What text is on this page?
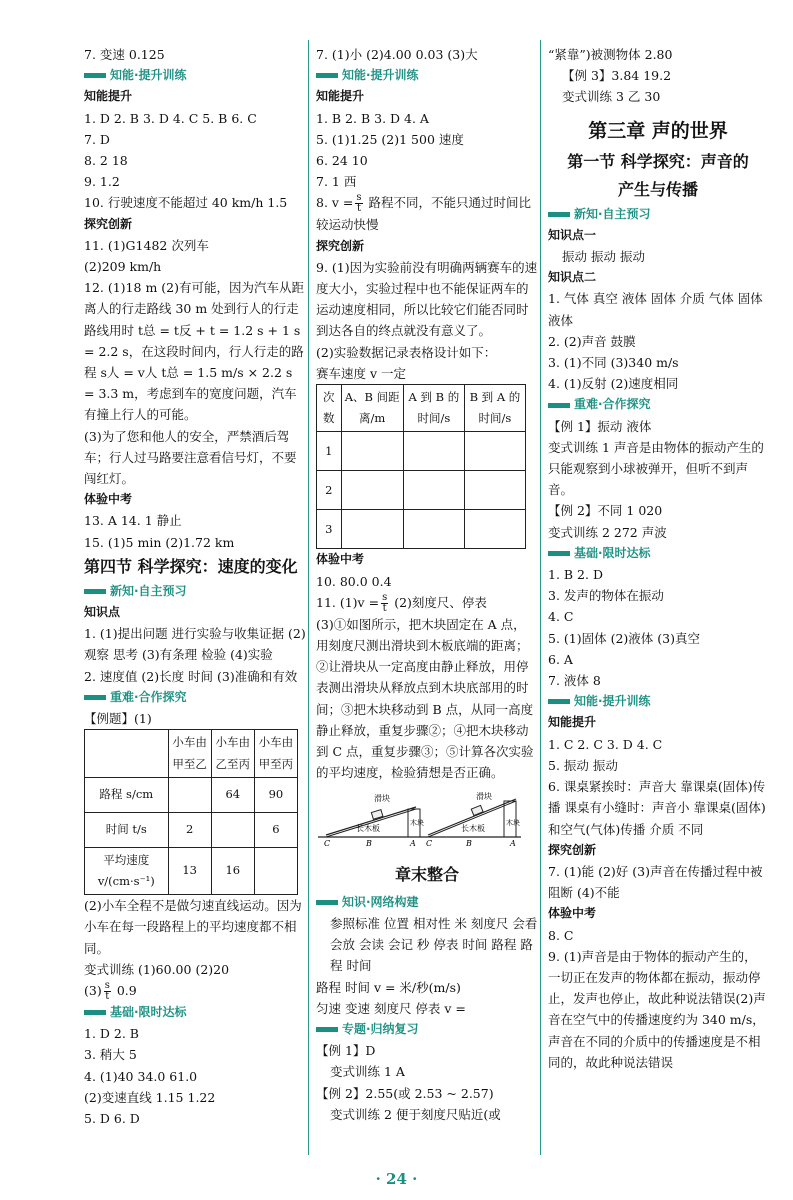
7. 变速 0.125
知能·提升训练
知能提升
1. D 2. B 3. D 4. C 5. B 6. C
7. D
8. 2 18
9. 1.2
10. 行驶速度不能超过 40 km/h 1.5
探究创新
11. (1)G1482 次列车
(2)209 km/h
12. (1)18 m (2)有可能，因为汽车从距离人的行走路线 30 m 处到行人的行走路线用时 t总 = t反 + t = 1.2 s + 1 s = 2.2 s，在这段时间内，行人行走的路程 s人 = v人 t总 = 1.5 m/s × 2.2 s = 3.3 m，考虑到车的宽度问题，汽车有撞上行人的可能。
(3)为了您和他人的安全，严禁酒后驾车；行人过马路要注意看信号灯，不要闯红灯。
体验中考
13. A 14. 1 静止
15. (1)5 min (2)1.72 km
第四节 科学探究：速度的变化
新知·自主预习
知识点
1. (1)提出问题 进行实验与收集证据 (2)观察 思考 (3)有条理 检验 (4)实验
2. 速度值 (2)长度 时间 (3)准确和有效
重难·合作探究
【例题】(1)
	小车由甲至乙	小车由乙至丙	小车由甲至丙
路程 s/cm		64	90
时间 t/s	2		6
平均速度 v/(cm·s⁻¹)	13	16	
(2)小车全程不是做匀速直线运动。因为小车在每一段路程上的平均速度都不相同。
变式训练 (1)60.00 (2)20
$(3) \frac{s}{t} 0.9$
基础·限时达标
1. D 2. B
3. 稍大 5
4. (1)40 34.0 61.0
(2)变速直线 1.15 1.22
5. D 6. D
7. (1)小 (2)4.00 0.03 (3)大
知能·提升训练
知能提升
1. B 2. B 3. D 4. A
5. (1)1.25 (2)1 500 速度
6. 24 10
7. 1 西
8. $v = \frac{s}{t}$ 路程不同，不能只通过时间比较运动快慢
探究创新
9. (1)因为实验前没有明确两辆赛车的速度大小，实验过程中也不能保证两车的运动速度相同，所以比较它们能否同时到达各自的终点就没有意义了。
(2)实验数据记录表格设计如下：
赛车速度 v 一定
次数	A、B 间距离/m	A 到 B 的时间/s	B 到 A 的时间/s
1			
2			
3			
体验中考
10. 80.0 0.4
11. $(1)v = \frac{s}{t} (2)$刻度尺、停表
(3)①如图所示，把木块固定在 A 点，用刻度尺测出滑块到木板底端的距离；②让滑块从一定高度由静止释放，用停表测出滑块从释放点到木块底部用的时间；③把木块移动到 B 点，从同一高度静止释放，重复步骤②；④把木块移动到 C 点，重复步骤③；⑤计算各次实验的平均速度，检验猜想是否正确。
滑块
长木板
木块
滑块
长木板
木块
C	B	A C	B	A
章末整合
知识·网络构建
参照标准 位置 相对性 米 刻度尺 会看 会放 会读 会记 秒 停表 时间 路程 路程 时间
路程 时间 v = 米/秒(m/s)
匀速 变速 刻度尺 停表 v =
专题·归纳复习
【例 1】D
变式训练 1 A
【例 2】2.55(或 2.53 ~ 2.57)
变式训练 2 便于刻度尺贴近(或
“紧靠”)被测物体 2.80
【例 3】3.84 19.2
变式训练 3 乙 30
第三章 声的世界
第一节 科学探究：声音的
产生与传播
新知·自主预习
知识点一
振动 振动 振动
知识点二
1. 气体 真空 液体 固体 介质 气体 固体 液体
2. (2)声音 鼓膜
3. (1)不同 (3)340 m/s
4. (1)反射 (2)速度相同
重难·合作探究
【例 1】振动 液体
变式训练 1 声音是由物体的振动产生的 只能观察到小球被弹开，但听不到声音。
【例 2】不同 1 020
变式训练 2 272 声波
基础·限时达标
1. B 2. D
3. 发声的物体在振动
4. C
5. (1)固体 (2)液体 (3)真空
6. A
7. 液体 8
知能·提升训练
知能提升
1. C 2. C 3. D 4. C
5. 振动 振动
6. 课桌紧挨时：声音大 靠课桌(固体)传播 课桌有小缝时：声音小 靠课桌(固体)和空气(气体)传播 介质 不同
探究创新
7. (1)能 (2)好 (3)声音在传播过程中被阻断 (4)不能
体验中考
8. C
9. (1)声音是由于物体的振动产生的，一切正在发声的物体都在振动，振动停止，发声也停止，故此种说法错误(2)声音在空气中的传播速度约为 340 m/s，声音在不同的介质中的传播速度是不相同的，故此种说法错误
· 24 ·
